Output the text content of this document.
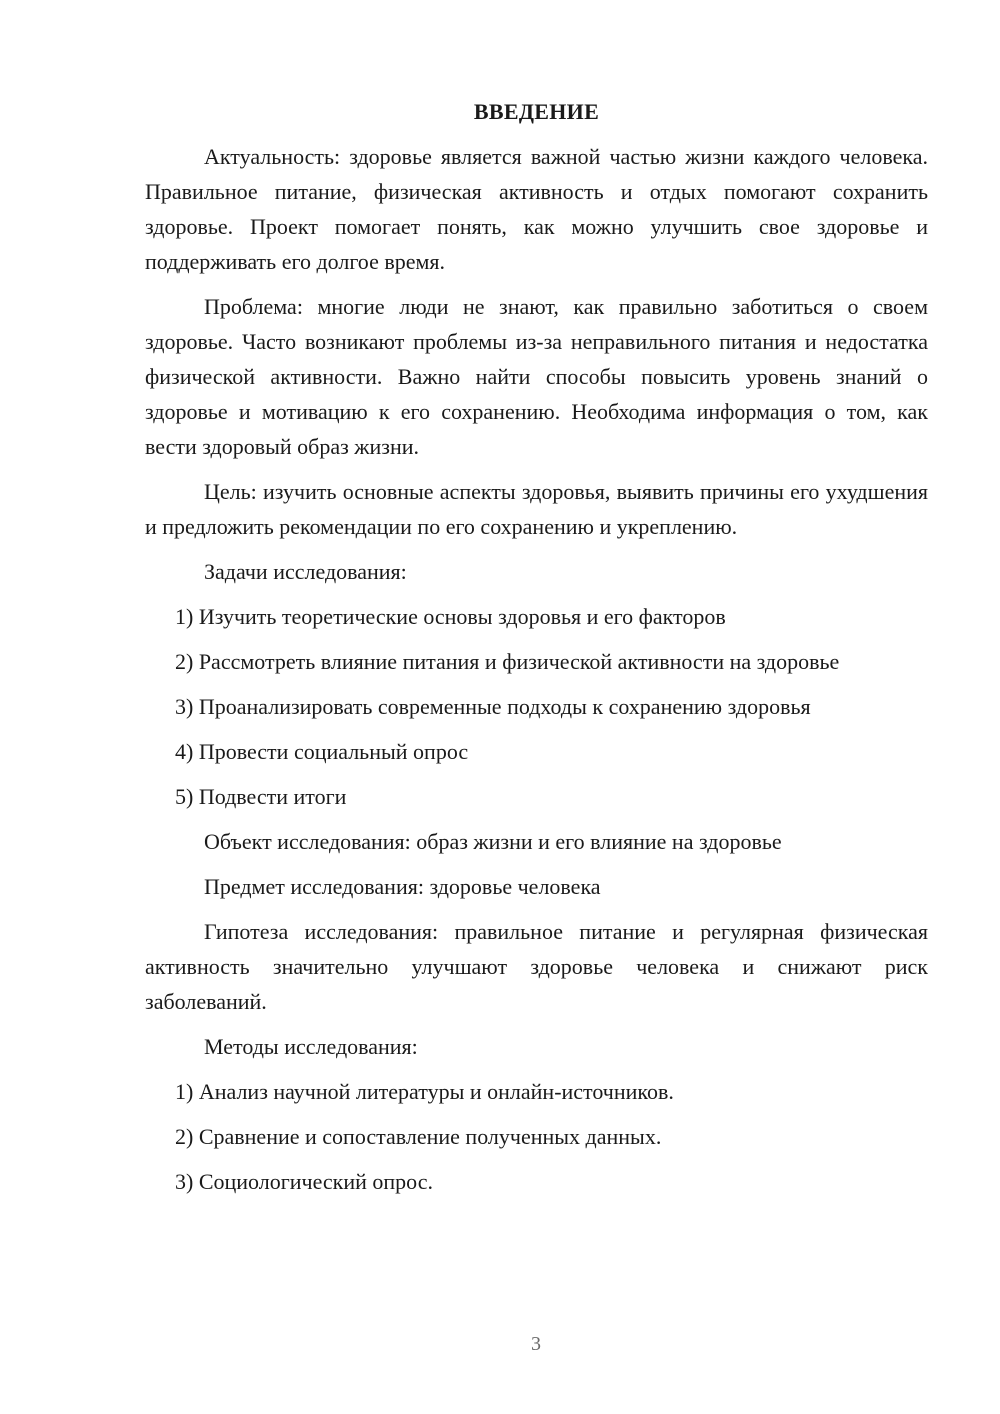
ВВЕДЕНИЕ

Актуальность: здоровье является важной частью жизни каждого человека. Правильное питание, физическая активность и отдых помогают сохранить здоровье. Проект помогает понять, как можно улучшить свое здоровье и поддерживать его долгое время.

Проблема: многие люди не знают, как правильно заботиться о своем здоровье. Часто возникают проблемы из-за неправильного питания и недостатка физической активности. Важно найти способы повысить уровень знаний о здоровье и мотивацию к его сохранению. Необходима информация о том, как вести здоровый образ жизни.

Цель: изучить основные аспекты здоровья, выявить причины его ухудшения и предложить рекомендации по его сохранению и укреплению.

Задачи исследования:

1) Изучить теоретические основы здоровья и его факторов
2) Рассмотреть влияние питания и физической активности на здоровье
3) Проанализировать современные подходы к сохранению здоровья
4) Провести социальный опрос
5) Подвести итоги

Объект исследования: образ жизни и его влияние на здоровье

Предмет исследования: здоровье человека

Гипотеза исследования: правильное питание и регулярная физическая активность значительно улучшают здоровье человека и снижают риск заболеваний.

Методы исследования:

1) Анализ научной литературы и онлайн-источников.
2) Сравнение и сопоставление полученных данных.
3) Социологический опрос.
3
